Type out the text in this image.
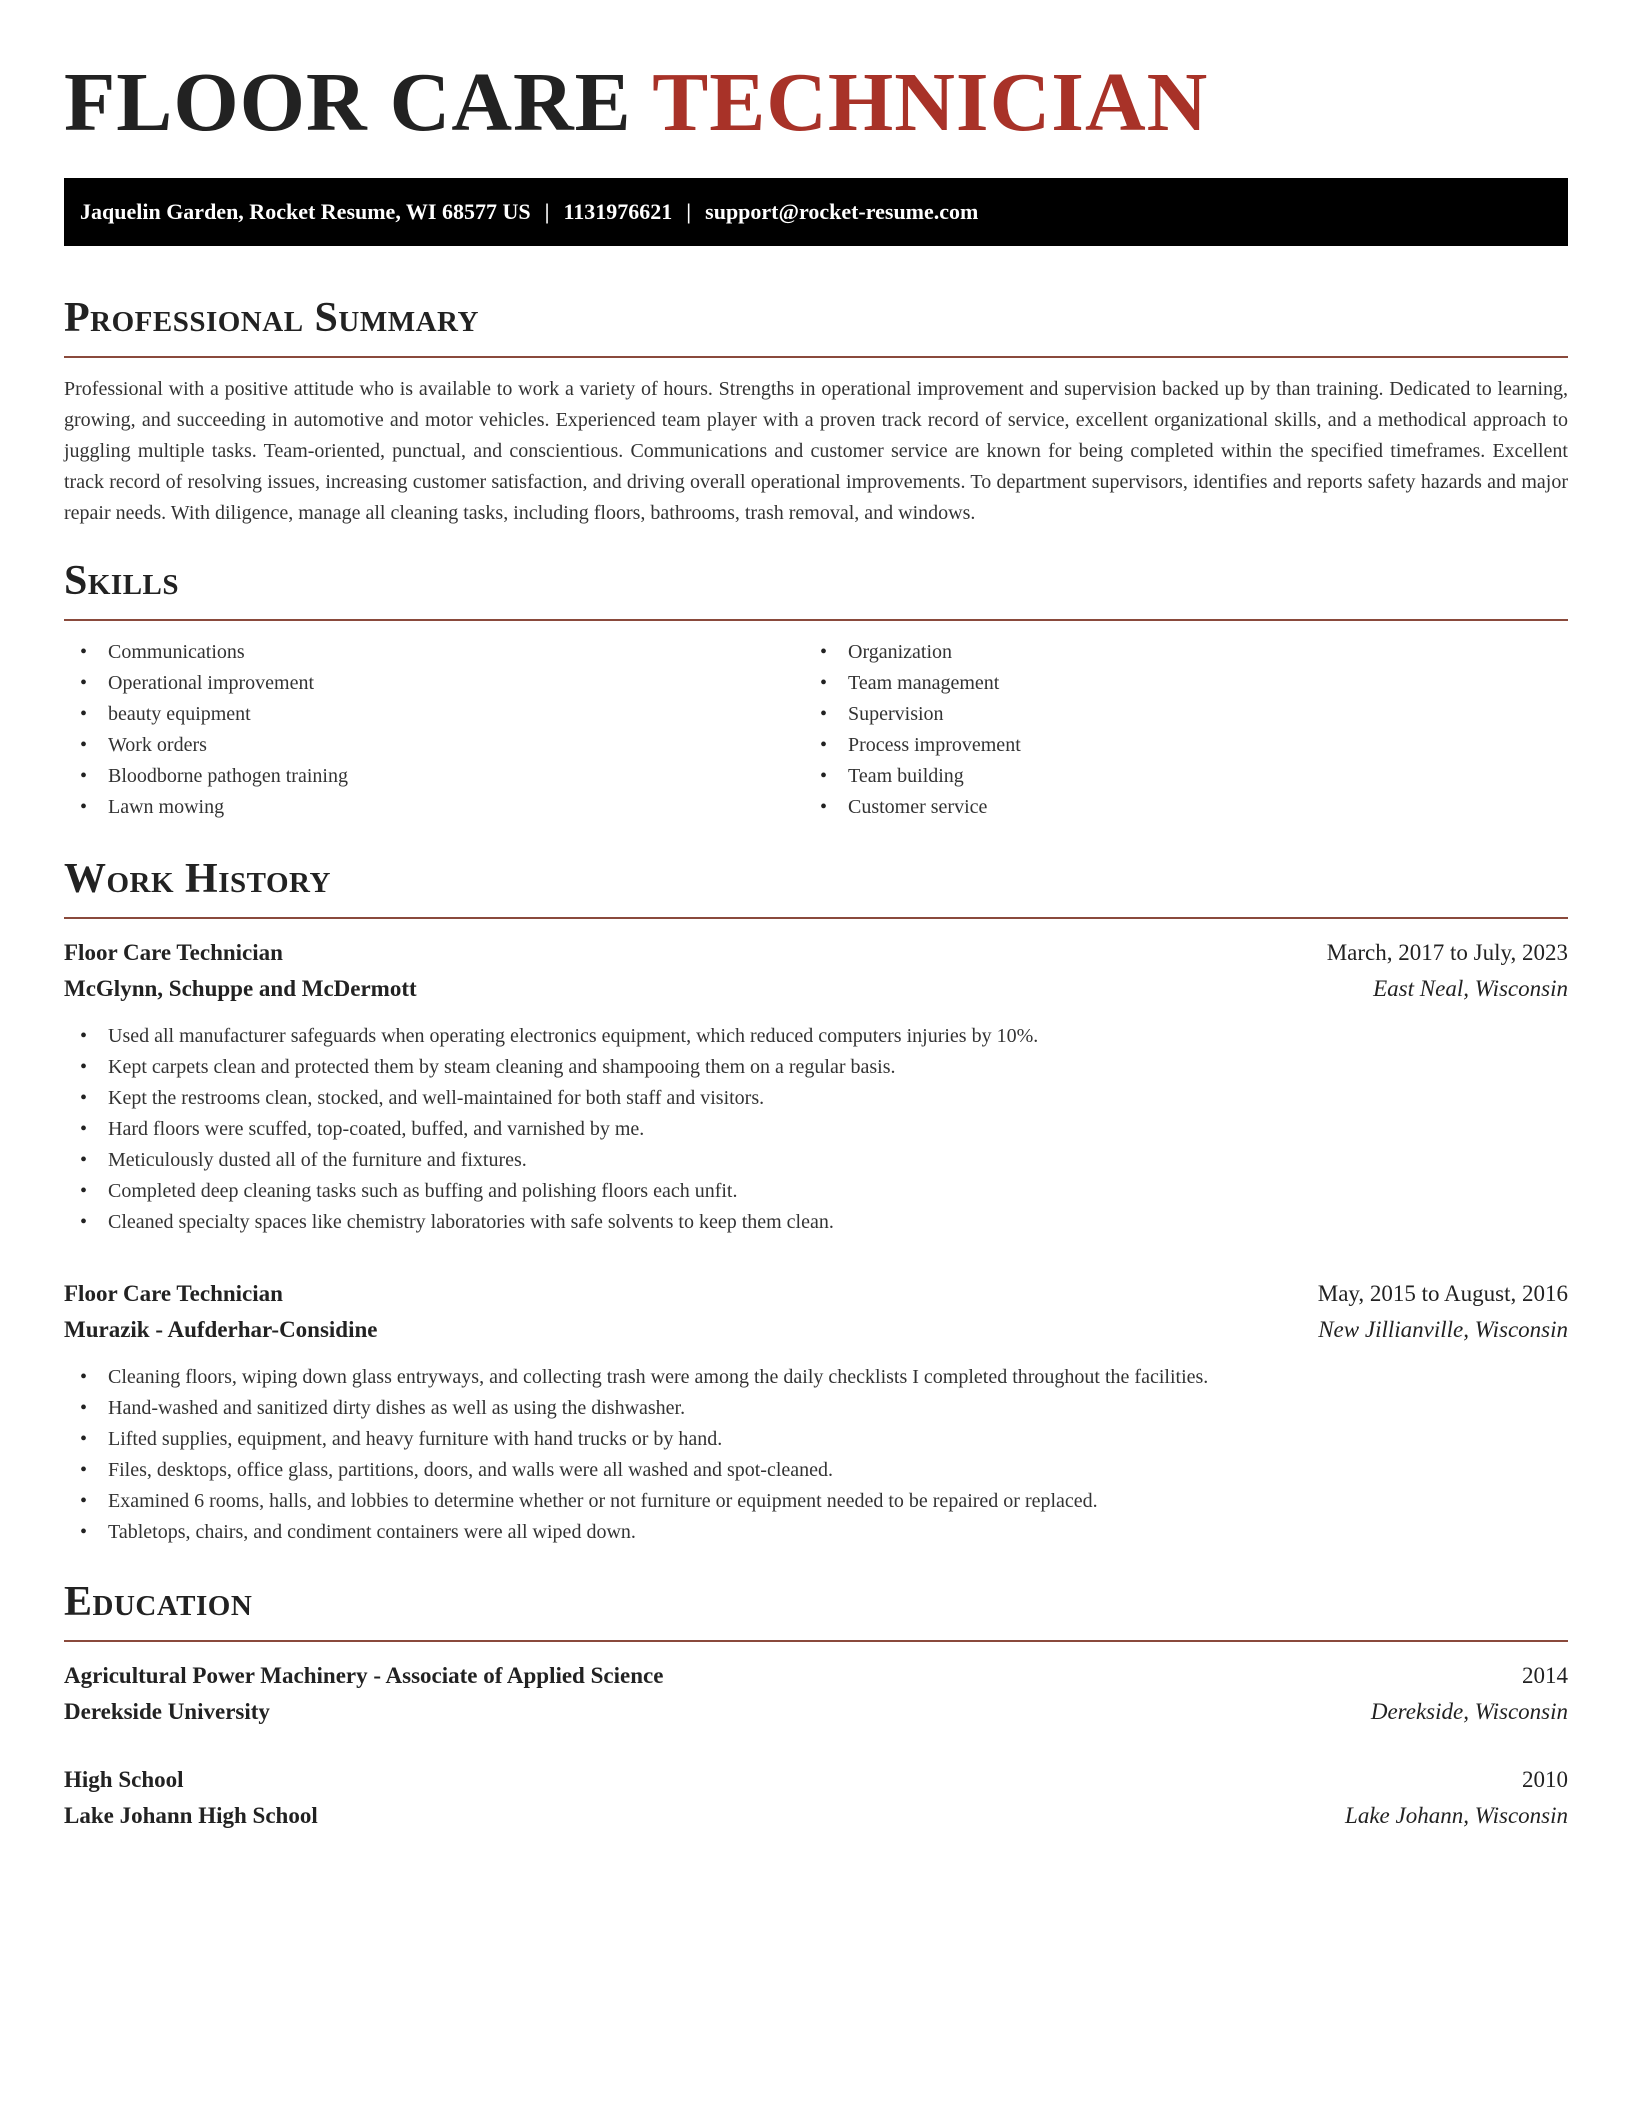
FLOOR CARE TECHNICIAN
Jaquelin Garden, Rocket Resume, WI 68577 US | 1131976621 | support@rocket-resume.com
Professional Summary

Professional with a positive attitude who is available to work a variety of hours. Strengths in operational improvement and supervision backed up by than training. Dedicated to learning, growing, and succeeding in automotive and motor vehicles. Experienced team player with a proven track record of service, excellent organizational skills, and a methodical approach to juggling multiple tasks. Team-oriented, punctual, and conscientious. Communications and customer service are known for being completed within the specified timeframes. Excellent track record of resolving issues, increasing customer satisfaction, and driving overall operational improvements. To department supervisors, identifies and reports safety hazards and major repair needs. With diligence, manage all cleaning tasks, including floors, bathrooms, trash removal, and windows.

Skills
• Communications
• Operational improvement
• beauty equipment
• Work orders
• Bloodborne pathogen training
• Lawn mowing
• Organization
• Team management
• Supervision
• Process improvement
• Team building
• Customer service
Work History
Floor Care Technician	March, 2017 to July, 2023
McGlynn, Schuppe and McDermott	East Neal, Wisconsin
• Used all manufacturer safeguards when operating electronics equipment, which reduced computers injuries by 10%.
• Kept carpets clean and protected them by steam cleaning and shampooing them on a regular basis.
• Kept the restrooms clean, stocked, and well-maintained for both staff and visitors.
• Hard floors were scuffed, top-coated, buffed, and varnished by me.
• Meticulously dusted all of the furniture and fixtures.
• Completed deep cleaning tasks such as buffing and polishing floors each unfit.
• Cleaned specialty spaces like chemistry laboratories with safe solvents to keep them clean.
Floor Care Technician	May, 2015 to August, 2016
Murazik - Aufderhar-Considine	New Jillianville, Wisconsin
• Cleaning floors, wiping down glass entryways, and collecting trash were among the daily checklists I completed throughout the facilities.
• Hand-washed and sanitized dirty dishes as well as using the dishwasher.
• Lifted supplies, equipment, and heavy furniture with hand trucks or by hand.
• Files, desktops, office glass, partitions, doors, and walls were all washed and spot-cleaned.
• Examined 6 rooms, halls, and lobbies to determine whether or not furniture or equipment needed to be repaired or replaced.
• Tabletops, chairs, and condiment containers were all wiped down.
Education
Agricultural Power Machinery - Associate of Applied Science	2014
Derekside University	Derekside, Wisconsin
High School	2010
Lake Johann High School	Lake Johann, Wisconsin
